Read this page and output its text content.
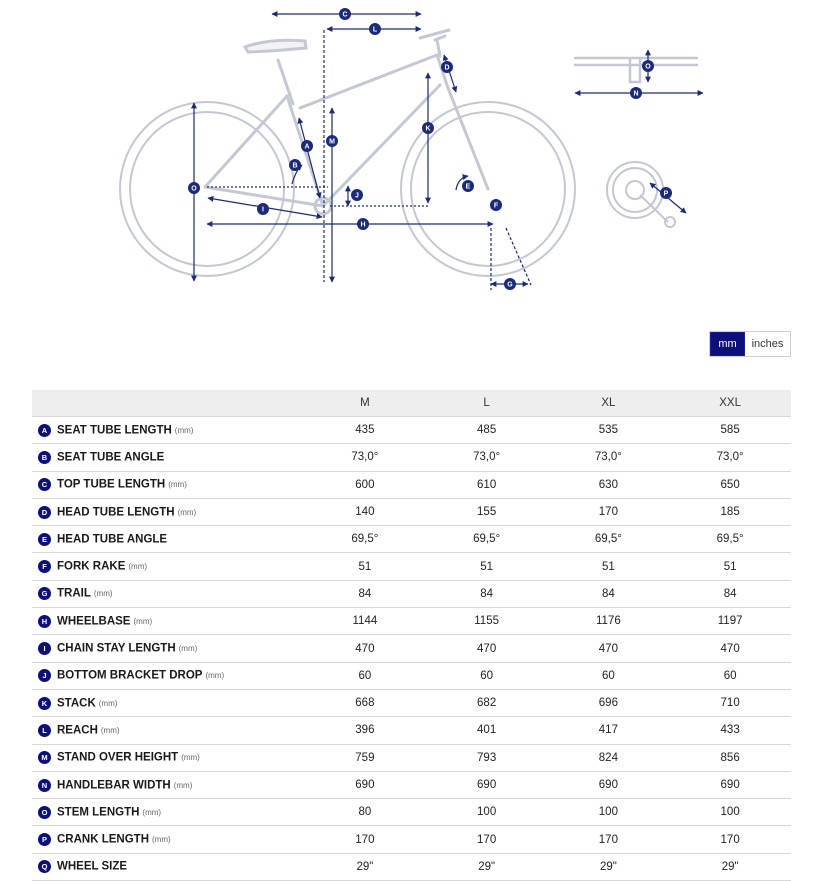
A
B
C
D
E
F
G
H
I
J
K
L
M
N
O
O
P
mm	inches
	M	L	XL	XXL
A SEAT TUBE LENGTH (mm)	435	485	535	585
B SEAT TUBE ANGLE	73,0°	73,0°	73,0°	73,0°
C TOP TUBE LENGTH (mm)	600	610	630	650
D HEAD TUBE LENGTH (mm)	140	155	170	185
E HEAD TUBE ANGLE	69,5°	69,5°	69,5°	69,5°
F FORK RAKE (mm)	51	51	51	51
G TRAIL (mm)	84	84	84	84
H WHEELBASE (mm)	1144	1155	1176	1197
I CHAIN STAY LENGTH (mm)	470	470	470	470
J BOTTOM BRACKET DROP (mm)	60	60	60	60
K STACK (mm)	668	682	696	710
L REACH (mm)	396	401	417	433
M STAND OVER HEIGHT (mm)	759	793	824	856
N HANDLEBAR WIDTH (mm)	690	690	690	690
O STEM LENGTH (mm)	80	100	100	100
P CRANK LENGTH (mm)	170	170	170	170
Q WHEEL SIZE	29"	29"	29"	29"
